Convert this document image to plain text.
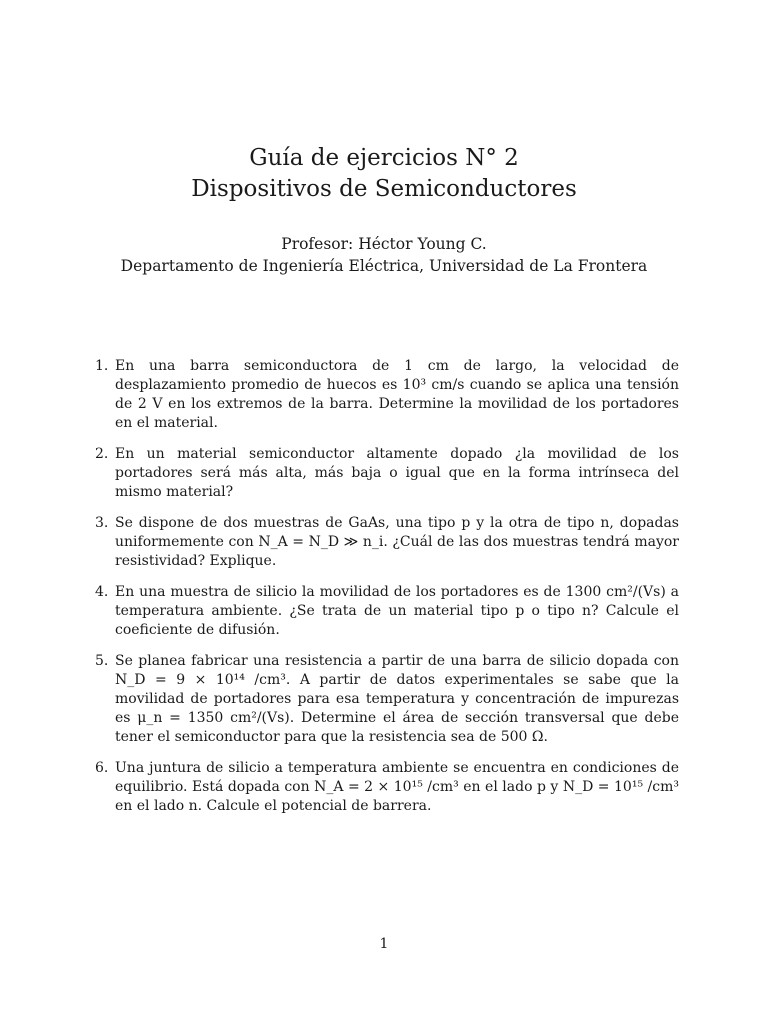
Guía de ejercicios N° 2
Dispositivos de Semiconductores
Profesor: Héctor Young C.
Departamento de Ingeniería Eléctrica, Universidad de La Frontera
1. En una barra semiconductora de 1 cm de largo, la velocidad de desplazamiento promedio de huecos es 10³ cm/s cuando se aplica una tensión de 2 V en los extremos de la barra. Determine la movilidad de los portadores en el material.
2. En un material semiconductor altamente dopado ¿la movilidad de los portadores será más alta, más baja o igual que en la forma intrínseca del mismo material?
3. Se dispone de dos muestras de GaAs, una tipo p y la otra de tipo n, dopadas uniformemente con N_A = N_D ≫ n_i. ¿Cuál de las dos muestras tendrá mayor resistividad? Explique.
4. En una muestra de silicio la movilidad de los portadores es de 1300 cm²/(Vs) a temperatura ambiente. ¿Se trata de un material tipo p o tipo n? Calcule el coeficiente de difusión.
5. Se planea fabricar una resistencia a partir de una barra de silicio dopada con N_D = 9 × 10¹⁴ /cm³. A partir de datos experimentales se sabe que la movilidad de portadores para esa temperatura y concentración de impurezas es μ_n = 1350 cm²/(Vs). Determine el área de sección transversal que debe tener el semiconductor para que la resistencia sea de 500 Ω.
6. Una juntura de silicio a temperatura ambiente se encuentra en condiciones de equilibrio. Está dopada con N_A = 2 × 10¹⁵ /cm³ en el lado p y N_D = 10¹⁵ /cm³ en el lado n. Calcule el potencial de barrera.
1
